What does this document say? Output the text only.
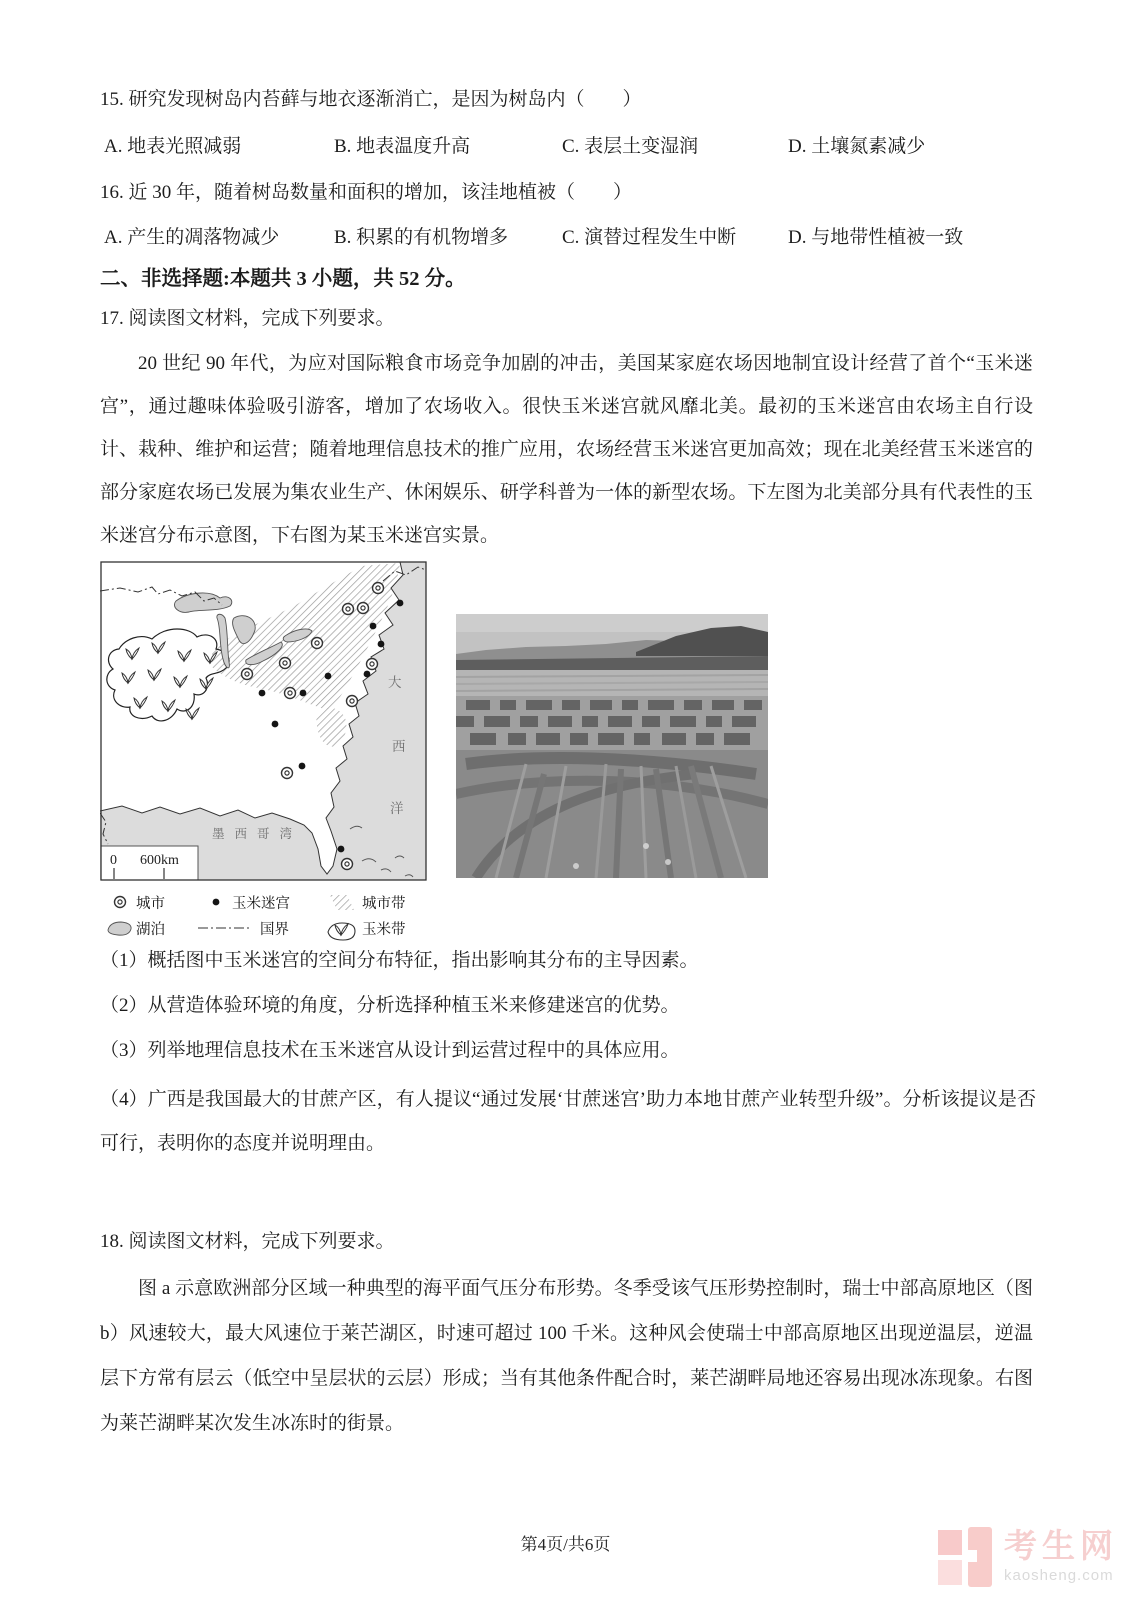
15. 研究发现树岛内苔藓与地衣逐渐消亡，是因为树岛内（　　）
A. 地表光照减弱	B. 地表温度升高	C. 表层土变湿润	D. 土壤氮素减少
16. 近 30 年，随着树岛数量和面积的增加，该洼地植被（　　）
A. 产生的凋落物减少	B. 积累的有机物增多	C. 演替过程发生中断	D. 与地带性植被一致
二、非选择题:本题共 3 小题，共 52 分。
17. 阅读图文材料，完成下列要求。
20 世纪 90 年代，为应对国际粮食市场竞争加剧的冲击，美国某家庭农场因地制宜设计经营了首个“玉米迷宫”，通过趣味体验吸引游客，增加了农场收入。很快玉米迷宫就风靡北美。最初的玉米迷宫由农场主自行设计、栽种、维护和运营；随着地理信息技术的推广应用，农场经营玉米迷宫更加高效；现在北美经营玉米迷宫的部分家庭农场已发展为集农业生产、休闲娱乐、研学科普为一体的新型农场。下左图为北美部分具有代表性的玉米迷宫分布示意图，下右图为某玉米迷宫实景。
大
西
洋
墨西哥湾
0 600km
城市	玉米迷宫	城市带
湖泊	国界	玉米带
（1）概括图中玉米迷宫的空间分布特征，指出影响其分布的主导因素。
（2）从营造体验环境的角度，分析选择种植玉米来修建迷宫的优势。
（3）列举地理信息技术在玉米迷宫从设计到运营过程中的具体应用。
（4）广西是我国最大的甘蔗产区，有人提议“通过发展‘甘蔗迷宫’助力本地甘蔗产业转型升级”。分析该提议是否可行，表明你的态度并说明理由。
18. 阅读图文材料，完成下列要求。
图 a 示意欧洲部分区域一种典型的海平面气压分布形势。冬季受该气压形势控制时，瑞士中部高原地区（图 b）风速较大，最大风速位于莱芒湖区，时速可超过 100 千米。这种风会使瑞士中部高原地区出现逆温层，逆温层下方常有层云（低空中呈层状的云层）形成；当有其他条件配合时，莱芒湖畔局地还容易出现冰冻现象。右图为莱芒湖畔某次发生冰冻时的街景。
第4页/共6页	考生网
kaosheng.com
